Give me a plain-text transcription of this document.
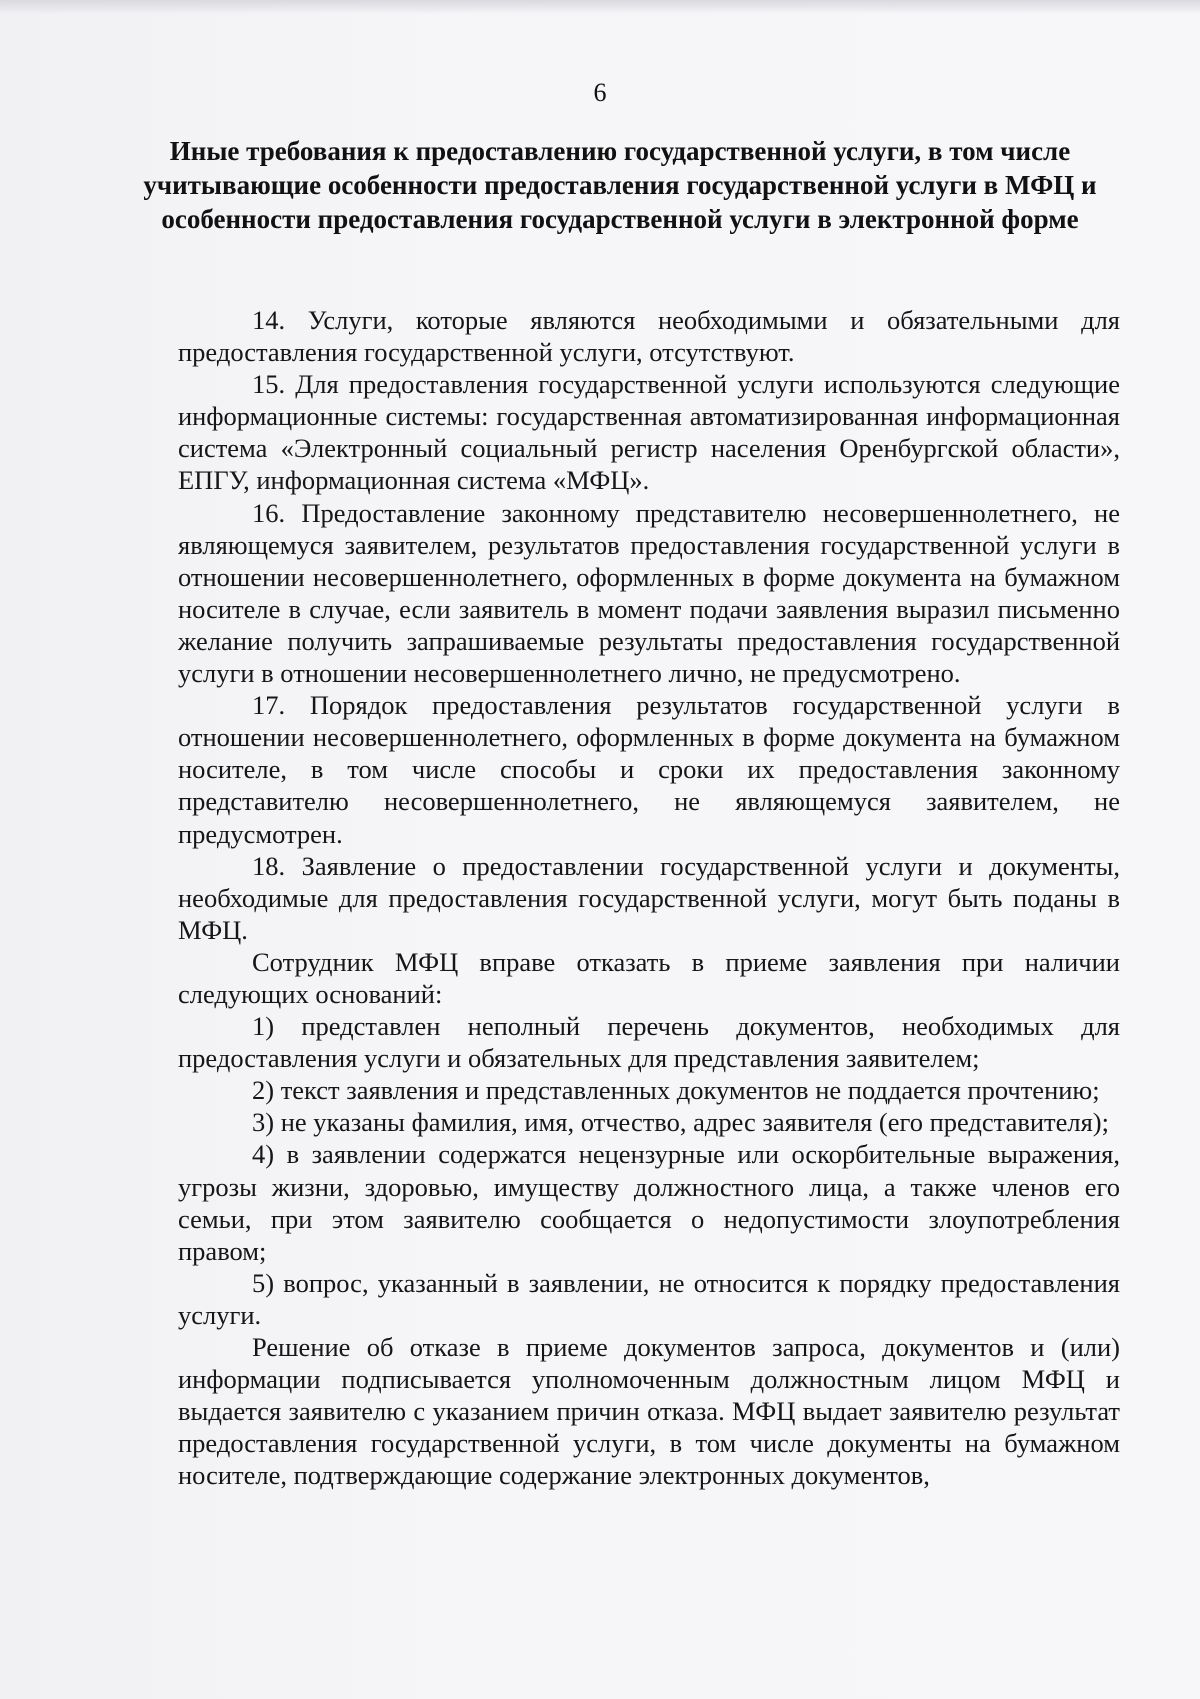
6
Иные требования к предоставлению государственной услуги, в том числе учитывающие особенности предоставления государственной услуги в МФЦ и особенности предоставления государственной услуги в электронной форме

14. Услуги, которые являются необходимыми и обязательными для предоставления государственной услуги, отсутствуют.

15. Для предоставления государственной услуги используются следующие информационные системы: государственная автоматизированная информационная система «Электронный социальный регистр населения Оренбургской области», ЕПГУ, информационная система «МФЦ».

16. Предоставление законному представителю несовершеннолетнего, не являющемуся заявителем, результатов предоставления государственной услуги в отношении несовершеннолетнего, оформленных в форме документа на бумажном носителе в случае, если заявитель в момент подачи заявления выразил письменно желание получить запрашиваемые результаты предоставления государственной услуги в отношении несовершеннолетнего лично, не предусмотрено.

17. Порядок предоставления результатов государственной услуги в отношении несовершеннолетнего, оформленных в форме документа на бумажном носителе, в том числе способы и сроки их предоставления законному представителю несовершеннолетнего, не являющемуся заявителем, не предусмотрен.

18. Заявление о предоставлении государственной услуги и документы, необходимые для предоставления государственной услуги, могут быть поданы в МФЦ.

Сотрудник МФЦ вправе отказать в приеме заявления при наличии следующих оснований:

1) представлен неполный перечень документов, необходимых для предоставления услуги и обязательных для представления заявителем;

2) текст заявления и представленных документов не поддается прочтению;

3) не указаны фамилия, имя, отчество, адрес заявителя (его представителя);

4) в заявлении содержатся нецензурные или оскорбительные выражения, угрозы жизни, здоровью, имуществу должностного лица, а также членов его семьи, при этом заявителю сообщается о недопустимости злоупотребления правом;

5) вопрос, указанный в заявлении, не относится к порядку предоставления услуги.

Решение об отказе в приеме документов запроса, документов и (или) информации подписывается уполномоченным должностным лицом МФЦ и выдается заявителю с указанием причин отказа. МФЦ выдает заявителю результат предоставления государственной услуги, в том числе документы на бумажном носителе, подтверждающие содержание электронных документов,
